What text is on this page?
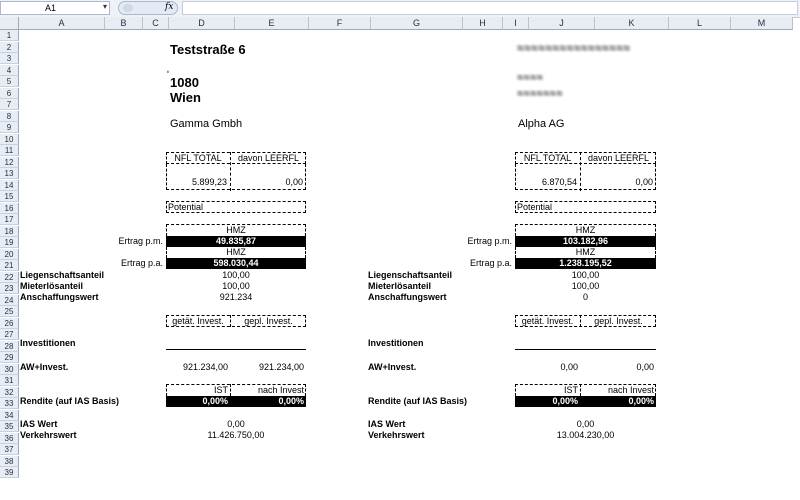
A1	▾	fx
A	B	C	D	E	F	G	H	I	J	K	L	M
1
2
3
4
5
6
7
8
9
10
11
12
13
14
15
16
17
18
19
20
21
22
23
24
25
26
27
28
29
30
31
32
33
34
35
36
37
38
39
Teststraße 6
1080
Wien
ʹ
≈≈≈≈≈≈≈≈≈≈≈≈≈≈≈≈
≈≈≈≈
≈≈≈≈≈≈≈
Gamma Gmbh
NFL TOTAL	davon LEERFL
5.899,23	0,00
Potential
HMZ
Ertrag p.m.	49.835,87
HMZ
Ertrag p.a.	598.030,44
Liegenschaftsanteil	100,00
Mieterlösanteil	100,00
Anschaffungswert	921.234
getät. Invest.	gepl. Invest.
Investitionen
AW+Invest.	921.234,00	921.234,00
IST	nach Invest
Rendite (auf IAS Basis)	0,00%	0,00%
IAS Wert	0,00
Verkehrswert	11.426.750,00
Alpha AG
NFL TOTAL	davon LEERFL
6.870,54	0,00
Potential
HMZ
Ertrag p.m.	103.182,96
HMZ
Ertrag p.a.	1.238.195,52
Liegenschaftsanteil	100,00
Mieterlösanteil	100,00
Anschaffungswert	0
getät. Invest.	gepl. Invest.
Investitionen
AW+Invest.	0,00	0,00
IST	nach Invest
Rendite (auf IAS Basis)	0,00%	0,00%
IAS Wert	0,00
Verkehrswert	13.004.230,00
